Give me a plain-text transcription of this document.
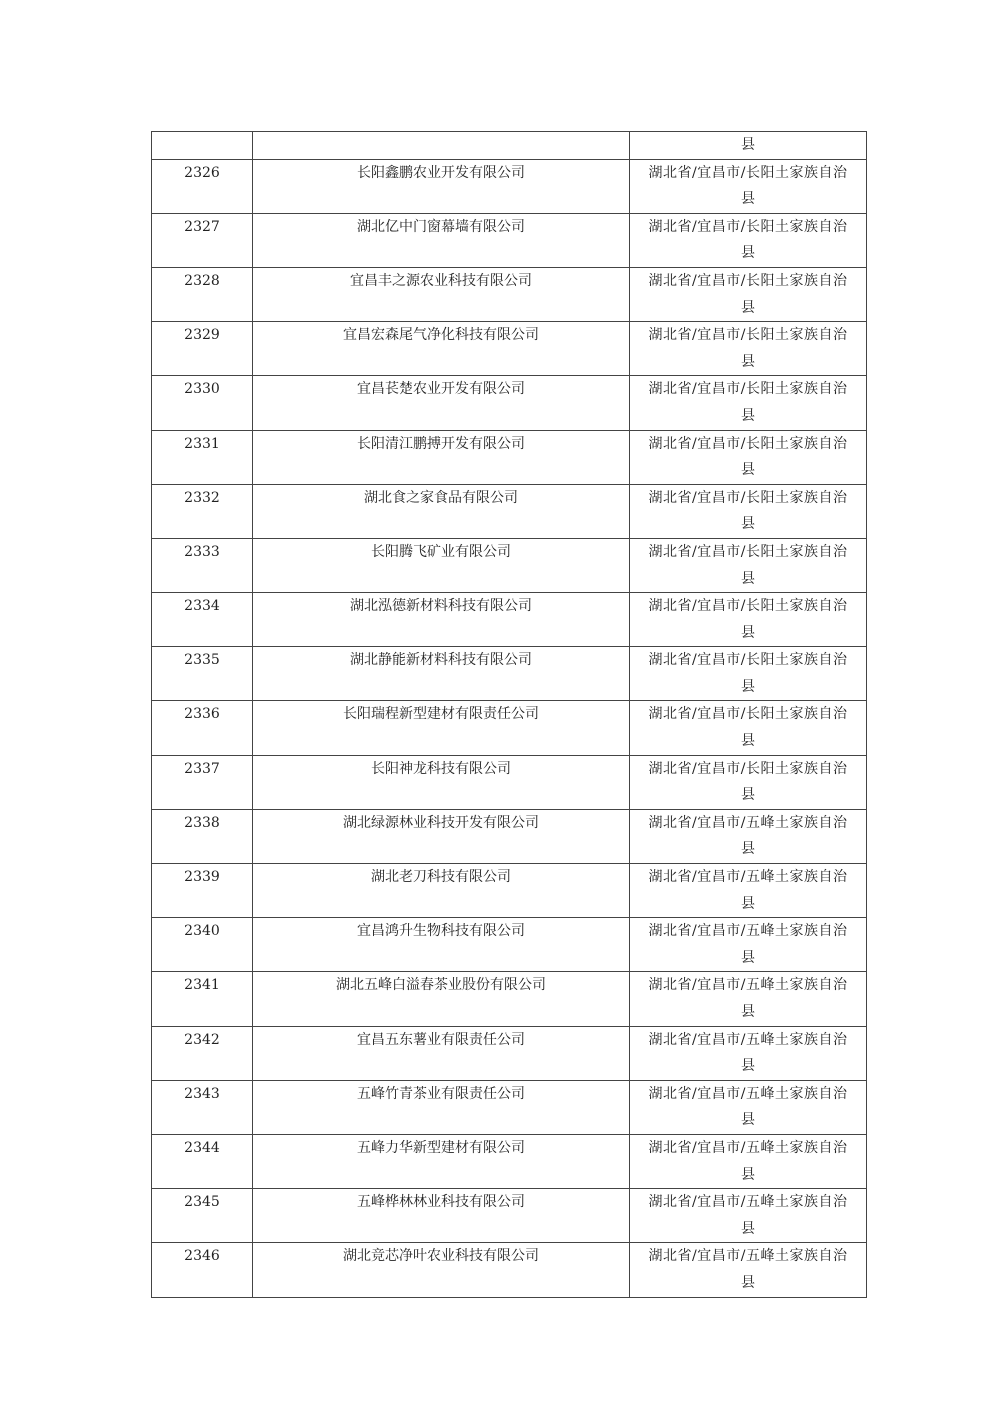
		县

2326	长阳鑫鹏农业开发有限公司	湖北省/宜昌市/长阳土家族自治
县

2327	湖北亿中门窗幕墙有限公司	湖北省/宜昌市/长阳土家族自治
县

2328	宜昌丰之源农业科技有限公司	湖北省/宜昌市/长阳土家族自治
县

2329	宜昌宏森尾气净化科技有限公司	湖北省/宜昌市/长阳土家族自治
县

2330	宜昌苌楚农业开发有限公司	湖北省/宜昌市/长阳土家族自治
县

2331	长阳清江鹏搏开发有限公司	湖北省/宜昌市/长阳土家族自治
县

2332	湖北食之家食品有限公司	湖北省/宜昌市/长阳土家族自治
县

2333	长阳腾飞矿业有限公司	湖北省/宜昌市/长阳土家族自治
县

2334	湖北泓德新材料科技有限公司	湖北省/宜昌市/长阳土家族自治
县

2335	湖北静能新材料科技有限公司	湖北省/宜昌市/长阳土家族自治
县

2336	长阳瑞程新型建材有限责任公司	湖北省/宜昌市/长阳土家族自治
县

2337	长阳神龙科技有限公司	湖北省/宜昌市/长阳土家族自治
县

2338	湖北绿源林业科技开发有限公司	湖北省/宜昌市/五峰土家族自治
县

2339	湖北老刀科技有限公司	湖北省/宜昌市/五峰土家族自治
县

2340	宜昌鸿升生物科技有限公司	湖北省/宜昌市/五峰土家族自治
县

2341	湖北五峰白溢春茶业股份有限公司	湖北省/宜昌市/五峰土家族自治
县

2342	宜昌五东薯业有限责任公司	湖北省/宜昌市/五峰土家族自治
县

2343	五峰竹青茶业有限责任公司	湖北省/宜昌市/五峰土家族自治
县

2344	五峰力华新型建材有限公司	湖北省/宜昌市/五峰土家族自治
县

2345	五峰桦林林业科技有限公司	湖北省/宜昌市/五峰土家族自治
县

2346	湖北竞芯净叶农业科技有限公司	湖北省/宜昌市/五峰土家族自治
县
